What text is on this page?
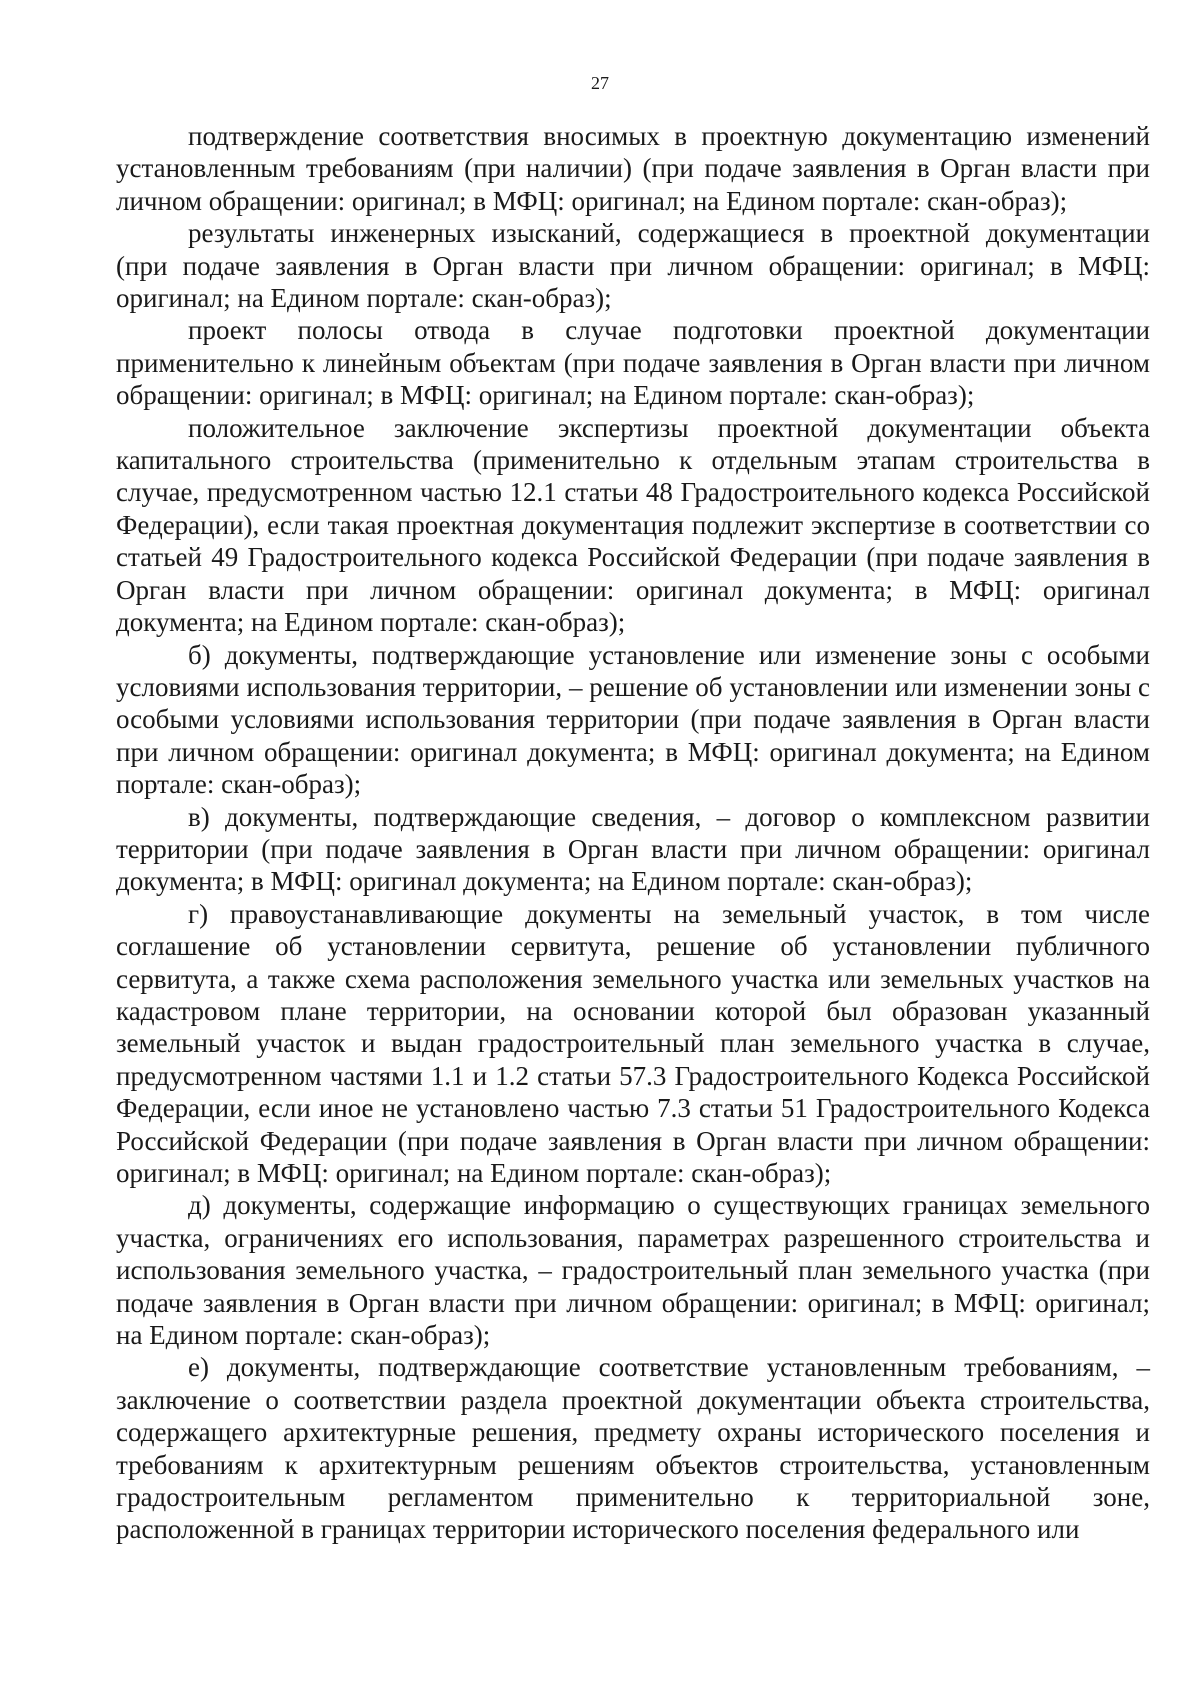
27

подтверждение соответствия вносимых в проектную документацию изменений установленным требованиям (при наличии) (при подаче заявления в Орган власти при личном обращении: оригинал; в МФЦ: оригинал; на Едином портале: скан-образ);

результаты инженерных изысканий, содержащиеся в проектной документации (при подаче заявления в Орган власти при личном обращении: оригинал; в МФЦ: оригинал; на Едином портале: скан-образ);

проект полосы отвода в случае подготовки проектной документации применительно к линейным объектам (при подаче заявления в Орган власти при личном обращении: оригинал; в МФЦ: оригинал; на Едином портале: скан-образ);

положительное заключение экспертизы проектной документации объекта капитального строительства (применительно к отдельным этапам строительства в случае, предусмотренном частью 12.1 статьи 48 Градостроительного кодекса Российской Федерации), если такая проектная документация подлежит экспертизе в соответствии со статьей 49 Градостроительного кодекса Российской Федерации (при подаче заявления в Орган власти при личном обращении: оригинал документа; в МФЦ: оригинал документа; на Едином портале: скан-образ);

б) документы, подтверждающие установление или изменение зоны с особыми условиями использования территории, – решение об установлении или изменении зоны с особыми условиями использования территории (при подаче заявления в Орган власти при личном обращении: оригинал документа; в МФЦ: оригинал документа; на Едином портале: скан-образ);

в) документы, подтверждающие сведения, – договор о комплексном развитии территории (при подаче заявления в Орган власти при личном обращении: оригинал документа; в МФЦ: оригинал документа; на Едином портале: скан-образ);

г) правоустанавливающие документы на земельный участок, в том числе соглашение об установлении сервитута, решение об установлении публичного сервитута, а также схема расположения земельного участка или земельных участков на кадастровом плане территории, на основании которой был образован указанный земельный участок и выдан градостроительный план земельного участка в случае, предусмотренном частями 1.1 и 1.2 статьи 57.3 Градостроительного Кодекса Российской Федерации, если иное не установлено частью 7.3 статьи 51 Градостроительного Кодекса Российской Федерации (при подаче заявления в Орган власти при личном обращении: оригинал; в МФЦ: оригинал; на Едином портале: скан-образ);

д) документы, содержащие информацию о существующих границах земельного участка, ограничениях его использования, параметрах разрешенного строительства и использования земельного участка, – градостроительный план земельного участка (при подаче заявления в Орган власти при личном обращении: оригинал; в МФЦ: оригинал; на Едином портале: скан-образ);

е) документы, подтверждающие соответствие установленным требованиям, – заключение о соответствии раздела проектной документации объекта строительства, содержащего архитектурные решения, предмету охраны исторического поселения и требованиям к архитектурным решениям объектов строительства, установленным градостроительным регламентом применительно к территориальной зоне, расположенной в границах территории исторического поселения федерального или
